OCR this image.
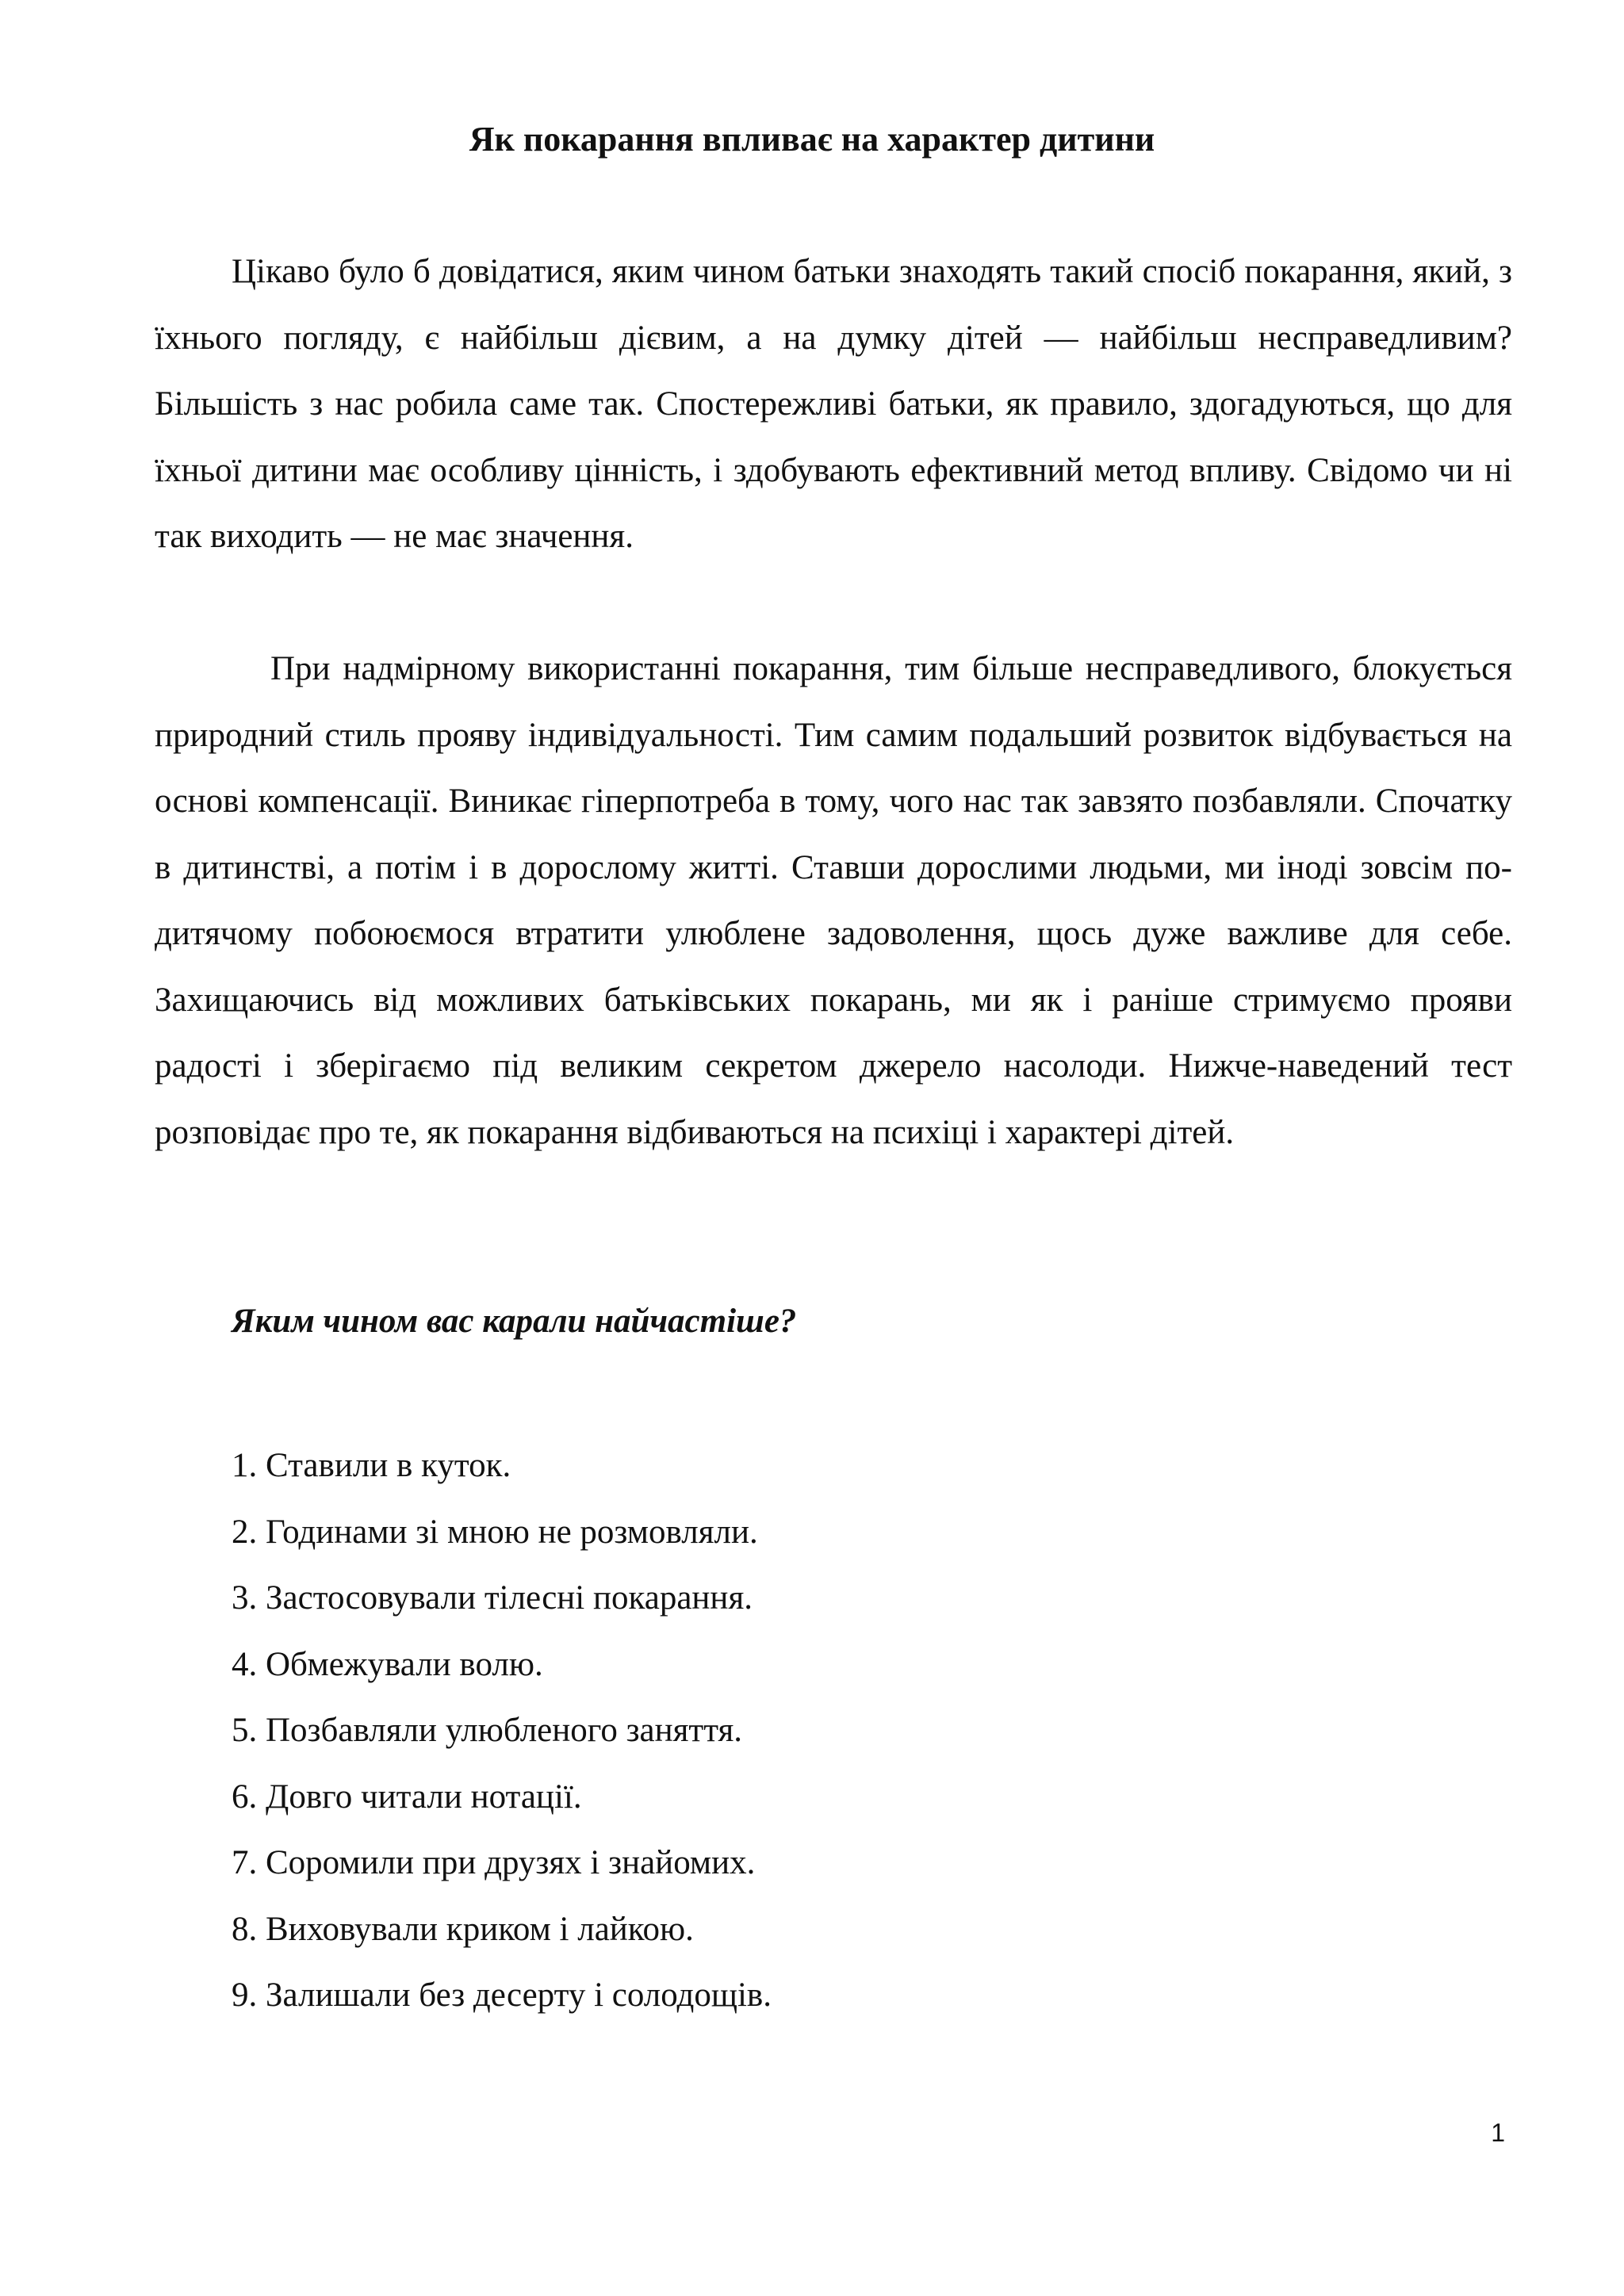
Як покарання впливає на характер дитини

Цікаво було б довідатися, яким чином батьки знаходять такий спосіб покарання, який, з їхнього погляду, є найбільш дієвим, а на думку дітей — найбільш несправедливим? Більшість з нас робила саме так. Спостережливі батьки, як правило, здогадуються, що для їхньої дитини має особливу цінність, і здобувають ефективний метод впливу. Свідомо чи ні так виходить — не має значення.

При надмірному використанні покарання, тим більше несправедливого, блокується природний стиль прояву індивідуальності. Тим самим подальший розвиток відбувається на основі компенсації. Виникає гіперпотреба в тому, чого нас так завзято позбавляли. Спочатку в дитинстві, а потім і в дорослому житті. Ставши дорослими людьми, ми іноді зовсім по-дитячому побоюємося втратити улюблене задоволення, щось дуже важливе для себе. Захищаючись від можливих батьківських покарань, ми як і раніше стримуємо прояви радості і зберігаємо під великим секретом джерело насолоди. Нижче-наведений тест розповідає про те, як покарання відбиваються на психіці і характері дітей.

Яким чином вас карали найчастіше?

1. Ставили в куток.
2. Годинами зі мною не розмовляли.
3. Застосовували тілесні покарання.
4. Обмежували волю.
5. Позбавляли улюбленого заняття.
6. Довго читали нотації.
7. Соромили при друзях і знайомих.
8. Виховували криком і лайкою.
9. Залишали без десерту і солодощів.
1
